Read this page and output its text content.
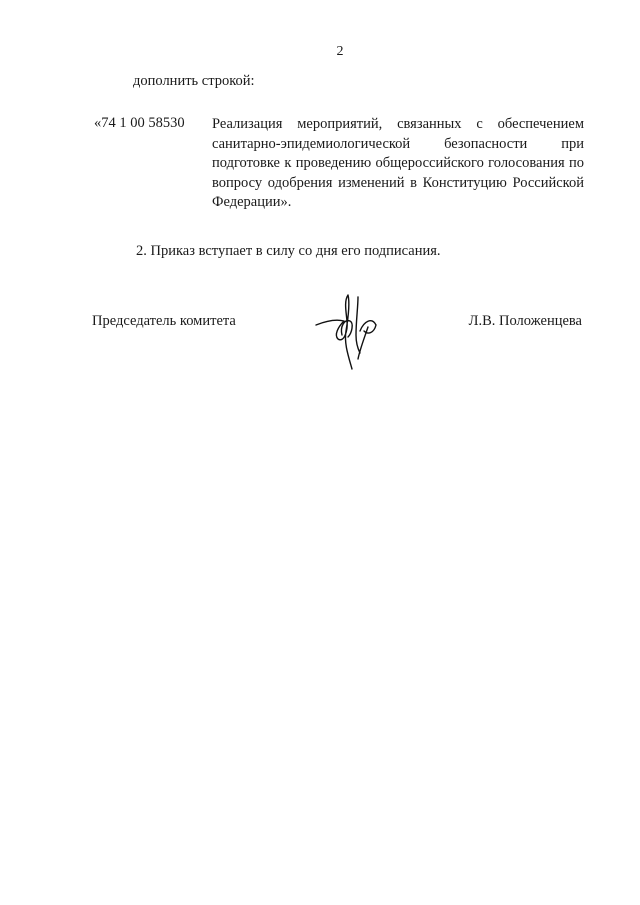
2
дополнить строкой:
«74 1 00 58530 Реализация мероприятий, связанных с обеспечением санитарно-эпидемиологической безопасности при подготовке к проведению общероссийского голосования по вопросу одобрения изменений в Конституцию Российской Федерации».
2. Приказ вступает в силу со дня его подписания.
Председатель комитета	Л.В. Положенцева
